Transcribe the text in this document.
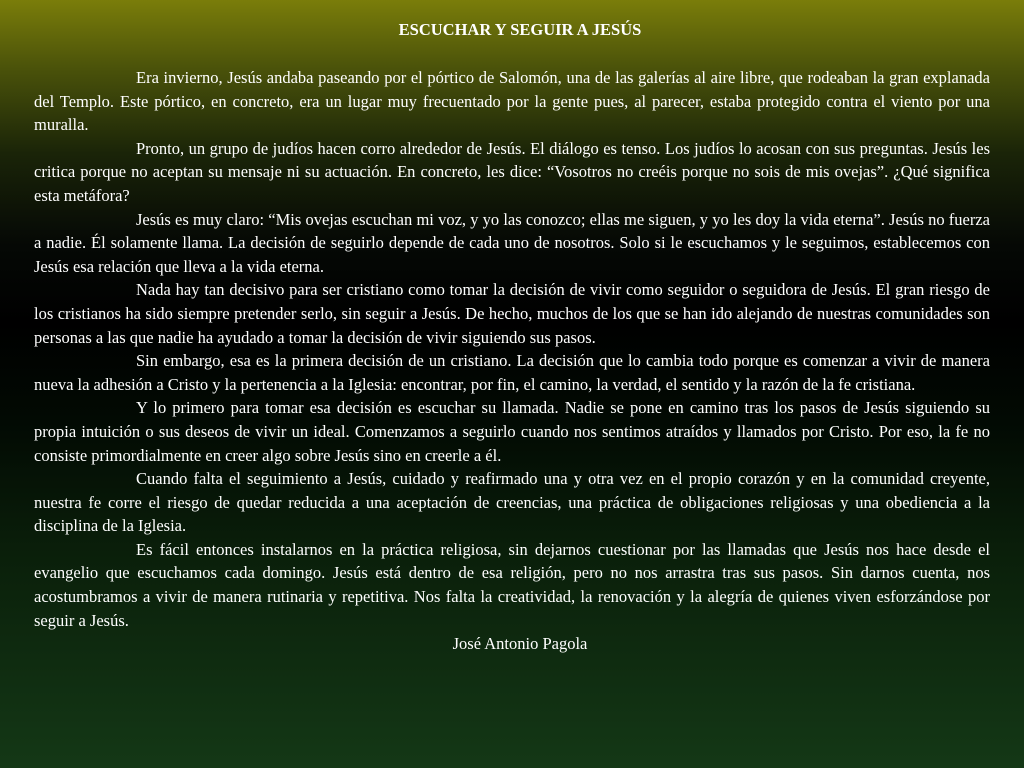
ESCUCHAR Y SEGUIR A JESÚS

Era invierno, Jesús andaba paseando por el pórtico de Salomón, una de las galerías al aire libre, que rodeaban la gran explanada del Templo. Este pórtico, en concreto, era un lugar muy frecuentado por la gente pues, al parecer, estaba protegido contra el viento por una muralla.

Pronto, un grupo de judíos hacen corro alrededor de Jesús. El diálogo es tenso. Los judíos lo acosan con sus preguntas. Jesús les critica porque no aceptan su mensaje ni su actuación. En concreto, les dice: “Vosotros no creéis porque no sois de mis ovejas”. ¿Qué significa esta metáfora?

Jesús es muy claro: “Mis ovejas escuchan mi voz, y yo las conozco; ellas me siguen, y yo les doy la vida eterna”. Jesús no fuerza a nadie. Él solamente llama. La decisión de seguirlo depende de cada uno de nosotros. Solo si le escuchamos y le seguimos, establecemos con Jesús esa relación que lleva a la vida eterna.

Nada hay tan decisivo para ser cristiano como tomar la decisión de vivir como seguidor o seguidora de Jesús. El gran riesgo de los cristianos ha sido siempre pretender serlo, sin seguir a Jesús. De hecho, muchos de los que se han ido alejando de nuestras comunidades son personas a las que nadie ha ayudado a tomar la decisión de vivir siguiendo sus pasos.

Sin embargo, esa es la primera decisión de un cristiano. La decisión que lo cambia todo porque es comenzar a vivir de manera nueva la adhesión a Cristo y la pertenencia a la Iglesia: encontrar, por fin, el camino, la verdad, el sentido y la razón de la fe cristiana.

Y lo primero para tomar esa decisión es escuchar su llamada. Nadie se pone en camino tras los pasos de Jesús siguiendo su propia intuición o sus deseos de vivir un ideal. Comenzamos a seguirlo cuando nos sentimos atraídos y llamados por Cristo. Por eso, la fe no consiste primordialmente en creer algo sobre Jesús sino en creerle a él.

Cuando falta el seguimiento a Jesús, cuidado y reafirmado una y otra vez en el propio corazón y en la comunidad creyente, nuestra fe corre el riesgo de quedar reducida a una aceptación de creencias, una práctica de obligaciones religiosas y una obediencia a la disciplina de la Iglesia.

Es fácil entonces instalarnos en la práctica religiosa, sin dejarnos cuestionar por las llamadas que Jesús nos hace desde el evangelio que escuchamos cada domingo. Jesús está dentro de esa religión, pero no nos arrastra tras sus pasos. Sin darnos cuenta, nos acostumbramos a vivir de manera rutinaria y repetitiva. Nos falta la creatividad, la renovación y la alegría de quienes viven esforzándose por seguir a Jesús.

José Antonio Pagola
